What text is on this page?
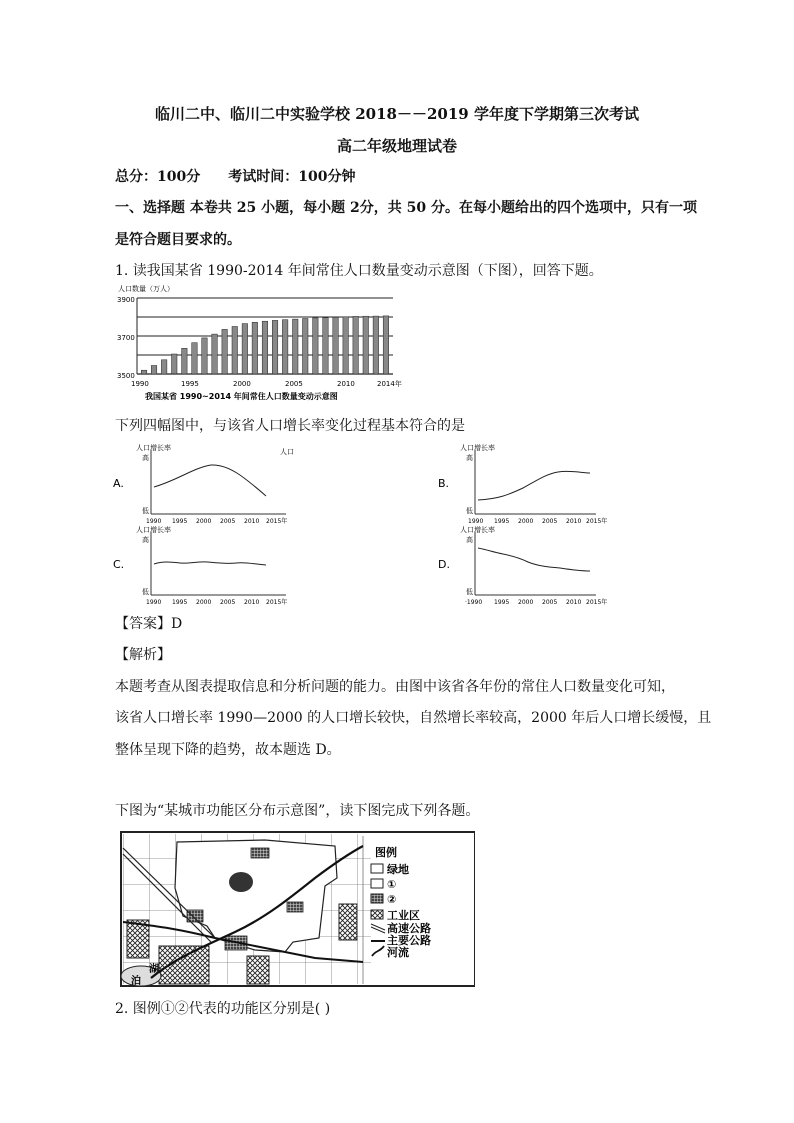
临川二中、临川二中实验学校 2018－－2019 学年度下学期第三次考试
高二年级地理试卷
总分：100分 考试时间：100分钟
一、选择题 本卷共 25 小题，每小题 2分，共 50 分。在每小题给出的四个选项中，只有一项
是符合题目要求的。
1. 读我国某省 1990-2014 年间常住人口数量变动示意图（下图），回答下题。
人口数量（万人）
3900
3700
3500
1990	1995	2000	2005	2010	2014年
我国某省 1990~2014 年间常住人口数量变动示意图
下列四幅图中，与该省人口增长率变化过程基本符合的是
A.
人口增长率
高
低
1990 1995 2000 2005 2010 2015年
人口
B.
人口增长率
高
低
1990 1995 2000 2005 2010 2015年
C.
人口增长率
高
低
1990 1995 2000 2005 2010 2015年
D.
人口增长率
高
低
·1990 1995 2000 2005 2010 2015年
【答案】D
【解析】
本题考查从图表提取信息和分析问题的能力。由图中该省各年份的常住人口数量变化可知，
该省人口增长率 1990—2000 的人口增长较快，自然增长率较高，2000 年后人口增长缓慢，且
整体呈现下降的趋势，故本题选 D。
下图为“某城市功能区分布示意图”，读下图完成下列各题。
湖
泊
图例
绿地
①
②
工业区
高速公路
主要公路
河流
2. 图例①②代表的功能区分别是( )
